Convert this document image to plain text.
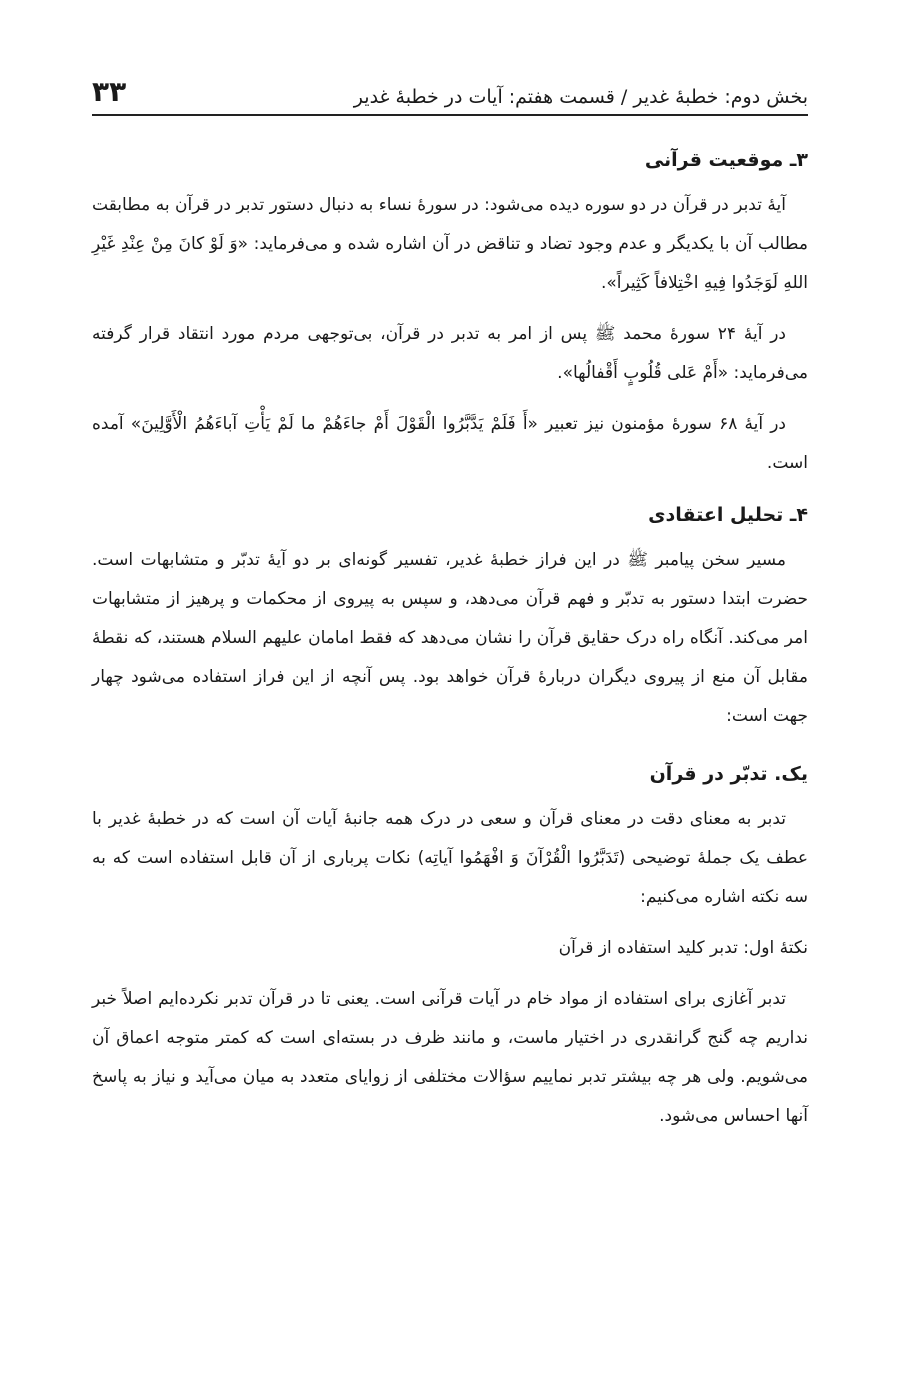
بخش دوم: خطبهٔ غدیر / قسمت هفتم: آیات در خطبهٔ غدیر
۳۳
۳ـ موقعیت قرآنی

آیهٔ تدبر در قرآن در دو سوره دیده می‌شود: در سورهٔ نساء به دنبال دستور تدبر در قرآن به مطابقت مطالب آن با یکدیگر و عدم وجود تضاد و تناقض در آن اشاره شده و می‌فرماید: «وَ لَوْ کانَ مِنْ عِنْدِ غَیْرِ اللهِ لَوَجَدُوا فِیهِ اخْتِلافاً کَثِیراً».

در آیهٔ ۲۴ سورهٔ محمد ﷺ پس از امر به تدبر در قرآن، بی‌توجهی مردم مورد انتقاد قرار گرفته می‌فرماید: «أَمْ عَلی قُلُوبٍ أَقْفالُها».

در آیهٔ ۶۸ سورهٔ مؤمنون نیز تعبیر «أَ فَلَمْ یَدَّبَّرُوا الْقَوْلَ أَمْ جاءَهُمْ ما لَمْ یَأْتِ آباءَهُمُ الْأَوَّلِینَ» آمده است.

۴ـ تحلیل اعتقادی

مسیر سخن پیامبر ﷺ در این فراز خطبهٔ غدیر، تفسیر گونه‌ای بر دو آیهٔ تدبّر و متشابهات است. حضرت ابتدا دستور به تدبّر و فهم قرآن می‌دهد، و سپس به پیروی از محکمات و پرهیز از متشابهات امر می‌کند. آنگاه راه درک حقایق قرآن را نشان می‌دهد که فقط امامان علیهم السلام هستند، که نقطهٔ مقابل آن منع از پیروی دیگران دربارهٔ قرآن خواهد بود. پس آنچه از این فراز استفاده می‌شود چهار جهت است:

یک. تدبّر در قرآن

تدبر به معنای دقت در معنای قرآن و سعی در درک همه جانبهٔ آیات آن است که در خطبهٔ غدیر با عطف یک جملهٔ توضیحی (تَدَبَّرُوا الْقُرْآنَ وَ افْهَمُوا آیاتِه) نکات پرباری از آن قابل استفاده است که به سه نکته اشاره می‌کنیم:

نکتهٔ اول: تدبر کلید استفاده از قرآن

تدبر آغازی برای استفاده از مواد خام در آیات قرآنی است. یعنی تا در قرآن تدبر نکرده‌ایم اصلاً خبر نداریم چه گنج گرانقدری در اختیار ماست، و مانند ظرف در بسته‌ای است که کمتر متوجه اعماق آن می‌شویم. ولی هر چه بیشتر تدبر نماییم سؤالات مختلفی از زوایای متعدد به میان می‌آید و نیاز به پاسخ آنها احساس می‌شود.
